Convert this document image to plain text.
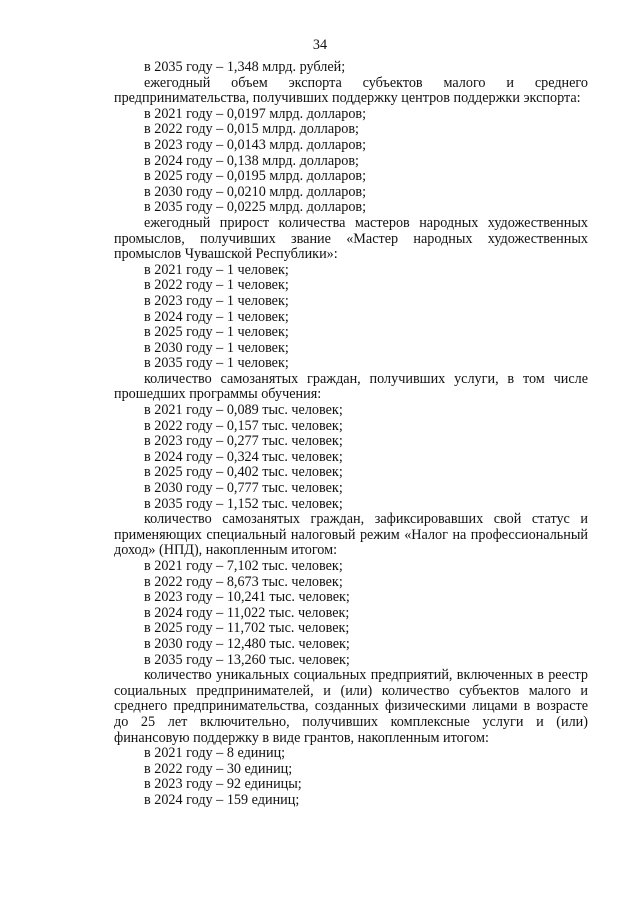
34
в 2035 году – 1,348 млрд. рублей;
ежегодный объем экспорта субъектов малого и среднего предпринимательства, получивших поддержку центров поддержки экспорта:
в 2021 году – 0,0197 млрд. долларов;
в 2022 году – 0,015 млрд. долларов;
в 2023 году – 0,0143 млрд. долларов;
в 2024 году – 0,138 млрд. долларов;
в 2025 году – 0,0195 млрд. долларов;
в 2030 году – 0,0210 млрд. долларов;
в 2035 году – 0,0225 млрд. долларов;
ежегодный прирост количества мастеров народных художественных промыслов, получивших звание «Мастер народных художественных промыслов Чувашской Республики»:
в 2021 году – 1 человек;
в 2022 году – 1 человек;
в 2023 году – 1 человек;
в 2024 году – 1 человек;
в 2025 году – 1 человек;
в 2030 году – 1 человек;
в 2035 году – 1 человек;
количество самозанятых граждан, получивших услуги, в том числе прошедших программы обучения:
в 2021 году – 0,089 тыс. человек;
в 2022 году – 0,157 тыс. человек;
в 2023 году – 0,277 тыс. человек;
в 2024 году – 0,324 тыс. человек;
в 2025 году – 0,402 тыс. человек;
в 2030 году – 0,777 тыс. человек;
в 2035 году – 1,152 тыс. человек;
количество самозанятых граждан, зафиксировавших свой статус и применяющих специальный налоговый режим «Налог на профессиональный доход» (НПД), накопленным итогом:
в 2021 году – 7,102 тыс. человек;
в 2022 году – 8,673 тыс. человек;
в 2023 году – 10,241 тыс. человек;
в 2024 году – 11,022 тыс. человек;
в 2025 году – 11,702 тыс. человек;
в 2030 году – 12,480 тыс. человек;
в 2035 году – 13,260 тыс. человек;
количество уникальных социальных предприятий, включенных в реестр социальных предпринимателей, и (или) количество субъектов малого и среднего предпринимательства, созданных физическими лицами в возрасте до 25 лет включительно, получивших комплексные услуги и (или) финансовую поддержку в виде грантов, накопленным итогом:
в 2021 году – 8 единиц;
в 2022 году – 30 единиц;
в 2023 году – 92 единицы;
в 2024 году – 159 единиц;
